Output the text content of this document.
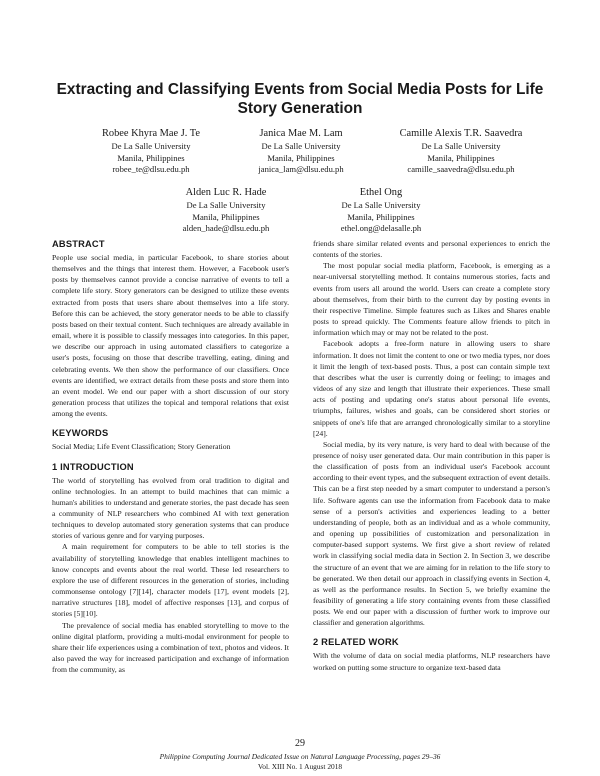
Extracting and Classifying Events from Social Media Posts for Life Story Generation
Robee Khyra Mae J. Te
De La Salle University
Manila, Philippines
robee_te@dlsu.edu.ph
Janica Mae M. Lam
De La Salle University
Manila, Philippines
janica_lam@dlsu.edu.ph
Camille Alexis T.R. Saavedra
De La Salle University
Manila, Philippines
camille_saavedra@dlsu.edu.ph
Alden Luc R. Hade
De La Salle University
Manila, Philippines
alden_hade@dlsu.edu.ph
Ethel Ong
De La Salle University
Manila, Philippines
ethel.ong@delasalle.ph
ABSTRACT

People use social media, in particular Facebook, to share stories about themselves and the things that interest them. However, a Facebook user's posts by themselves cannot provide a concise narrative of events to tell a complete life story. Story generators can be designed to utilize these events extracted from posts that users share about themselves into a life story. Before this can be achieved, the story generator needs to be able to classify posts based on their textual content. Such techniques are already available in email, where it is possible to classify messages into categories. In this paper, we describe our approach in using automated classifiers to categorize a user's posts, focusing on those that describe travelling, eating, dining and celebrating events. We then show the performance of our classifiers. Once events are identified, we extract details from these posts and store them into an event model. We end our paper with a short discussion of our story generation process that utilizes the topical and temporal relations that exist among the events.

KEYWORDS

Social Media; Life Event Classification; Story Generation

1 INTRODUCTION

The world of storytelling has evolved from oral tradition to digital and online technologies. In an attempt to build machines that can mimic a human's abilities to understand and generate stories, the past decade has seen a community of NLP researchers who combined AI with text generation techniques to develop automated story generation systems that can produce stories of various genre and for varying purposes.

A main requirement for computers to be able to tell stories is the availability of storytelling knowledge that enables intelligent machines to know concepts and events about the real world. These led researchers to explore the use of different resources in the generation of stories, including commonsense ontology [7][14], character models [17], event models [2], narrative structures [18], model of affective responses [13], and corpus of stories [5][10].

The prevalence of social media has enabled storytelling to move to the online digital platform, providing a multi-modal environment for people to share their life experiences using a combination of text, photos and videos. It also paved the way for increased participation and exchange of information from the community, as

friends share similar related events and personal experiences to enrich the contents of the stories.

The most popular social media platform, Facebook, is emerging as a near-universal storytelling method. It contains numerous stories, facts and events from users all around the world. Users can create a complete story about themselves, from their birth to the current day by posting events in their respective Timeline. Simple features such as Likes and Shares enable posts to spread quickly. The Comments feature allow friends to pitch in information which may or may not be related to the post.

Facebook adopts a free-form nature in allowing users to share information. It does not limit the content to one or two media types, nor does it limit the length of text-based posts. Thus, a post can contain simple text that describes what the user is currently doing or feeling; to images and videos of any size and length that illustrate their experiences. These small acts of posting and updating one's status about personal life events, triumphs, failures, wishes and goals, can be considered short stories or snippets of one's life that are arranged chronologically similar to a storyline [24].

Social media, by its very nature, is very hard to deal with because of the presence of noisy user generated data. Our main contribution in this paper is the classification of posts from an individual user's Facebook account according to their event types, and the subsequent extraction of event details. This can be a first step needed by a smart computer to understand a person's life. Software agents can use the information from Facebook data to make sense of a person's activities and experiences leading to a better understanding of people, both as an individual and as a whole community, and opening up possibilities of customization and personalization in computer-based support systems. We first give a short review of related work in classifying social media data in Section 2. In Section 3, we describe the structure of an event that we are aiming for in relation to the life story to be generated. We then detail our approach in classifying events in Section 4, as well as the performance results. In Section 5, we briefly examine the feasibility of generating a life story containing events from these classified posts. We end our paper with a discussion of further work to improve our classifier and generation algorithms.

2 RELATED WORK

With the volume of data on social media platforms, NLP researchers have worked on putting some structure to organize text-based data

29
Philippine Computing Journal Dedicated Issue on Natural Language Processing, pages 29–36
Vol. XIII No. 1 August 2018
